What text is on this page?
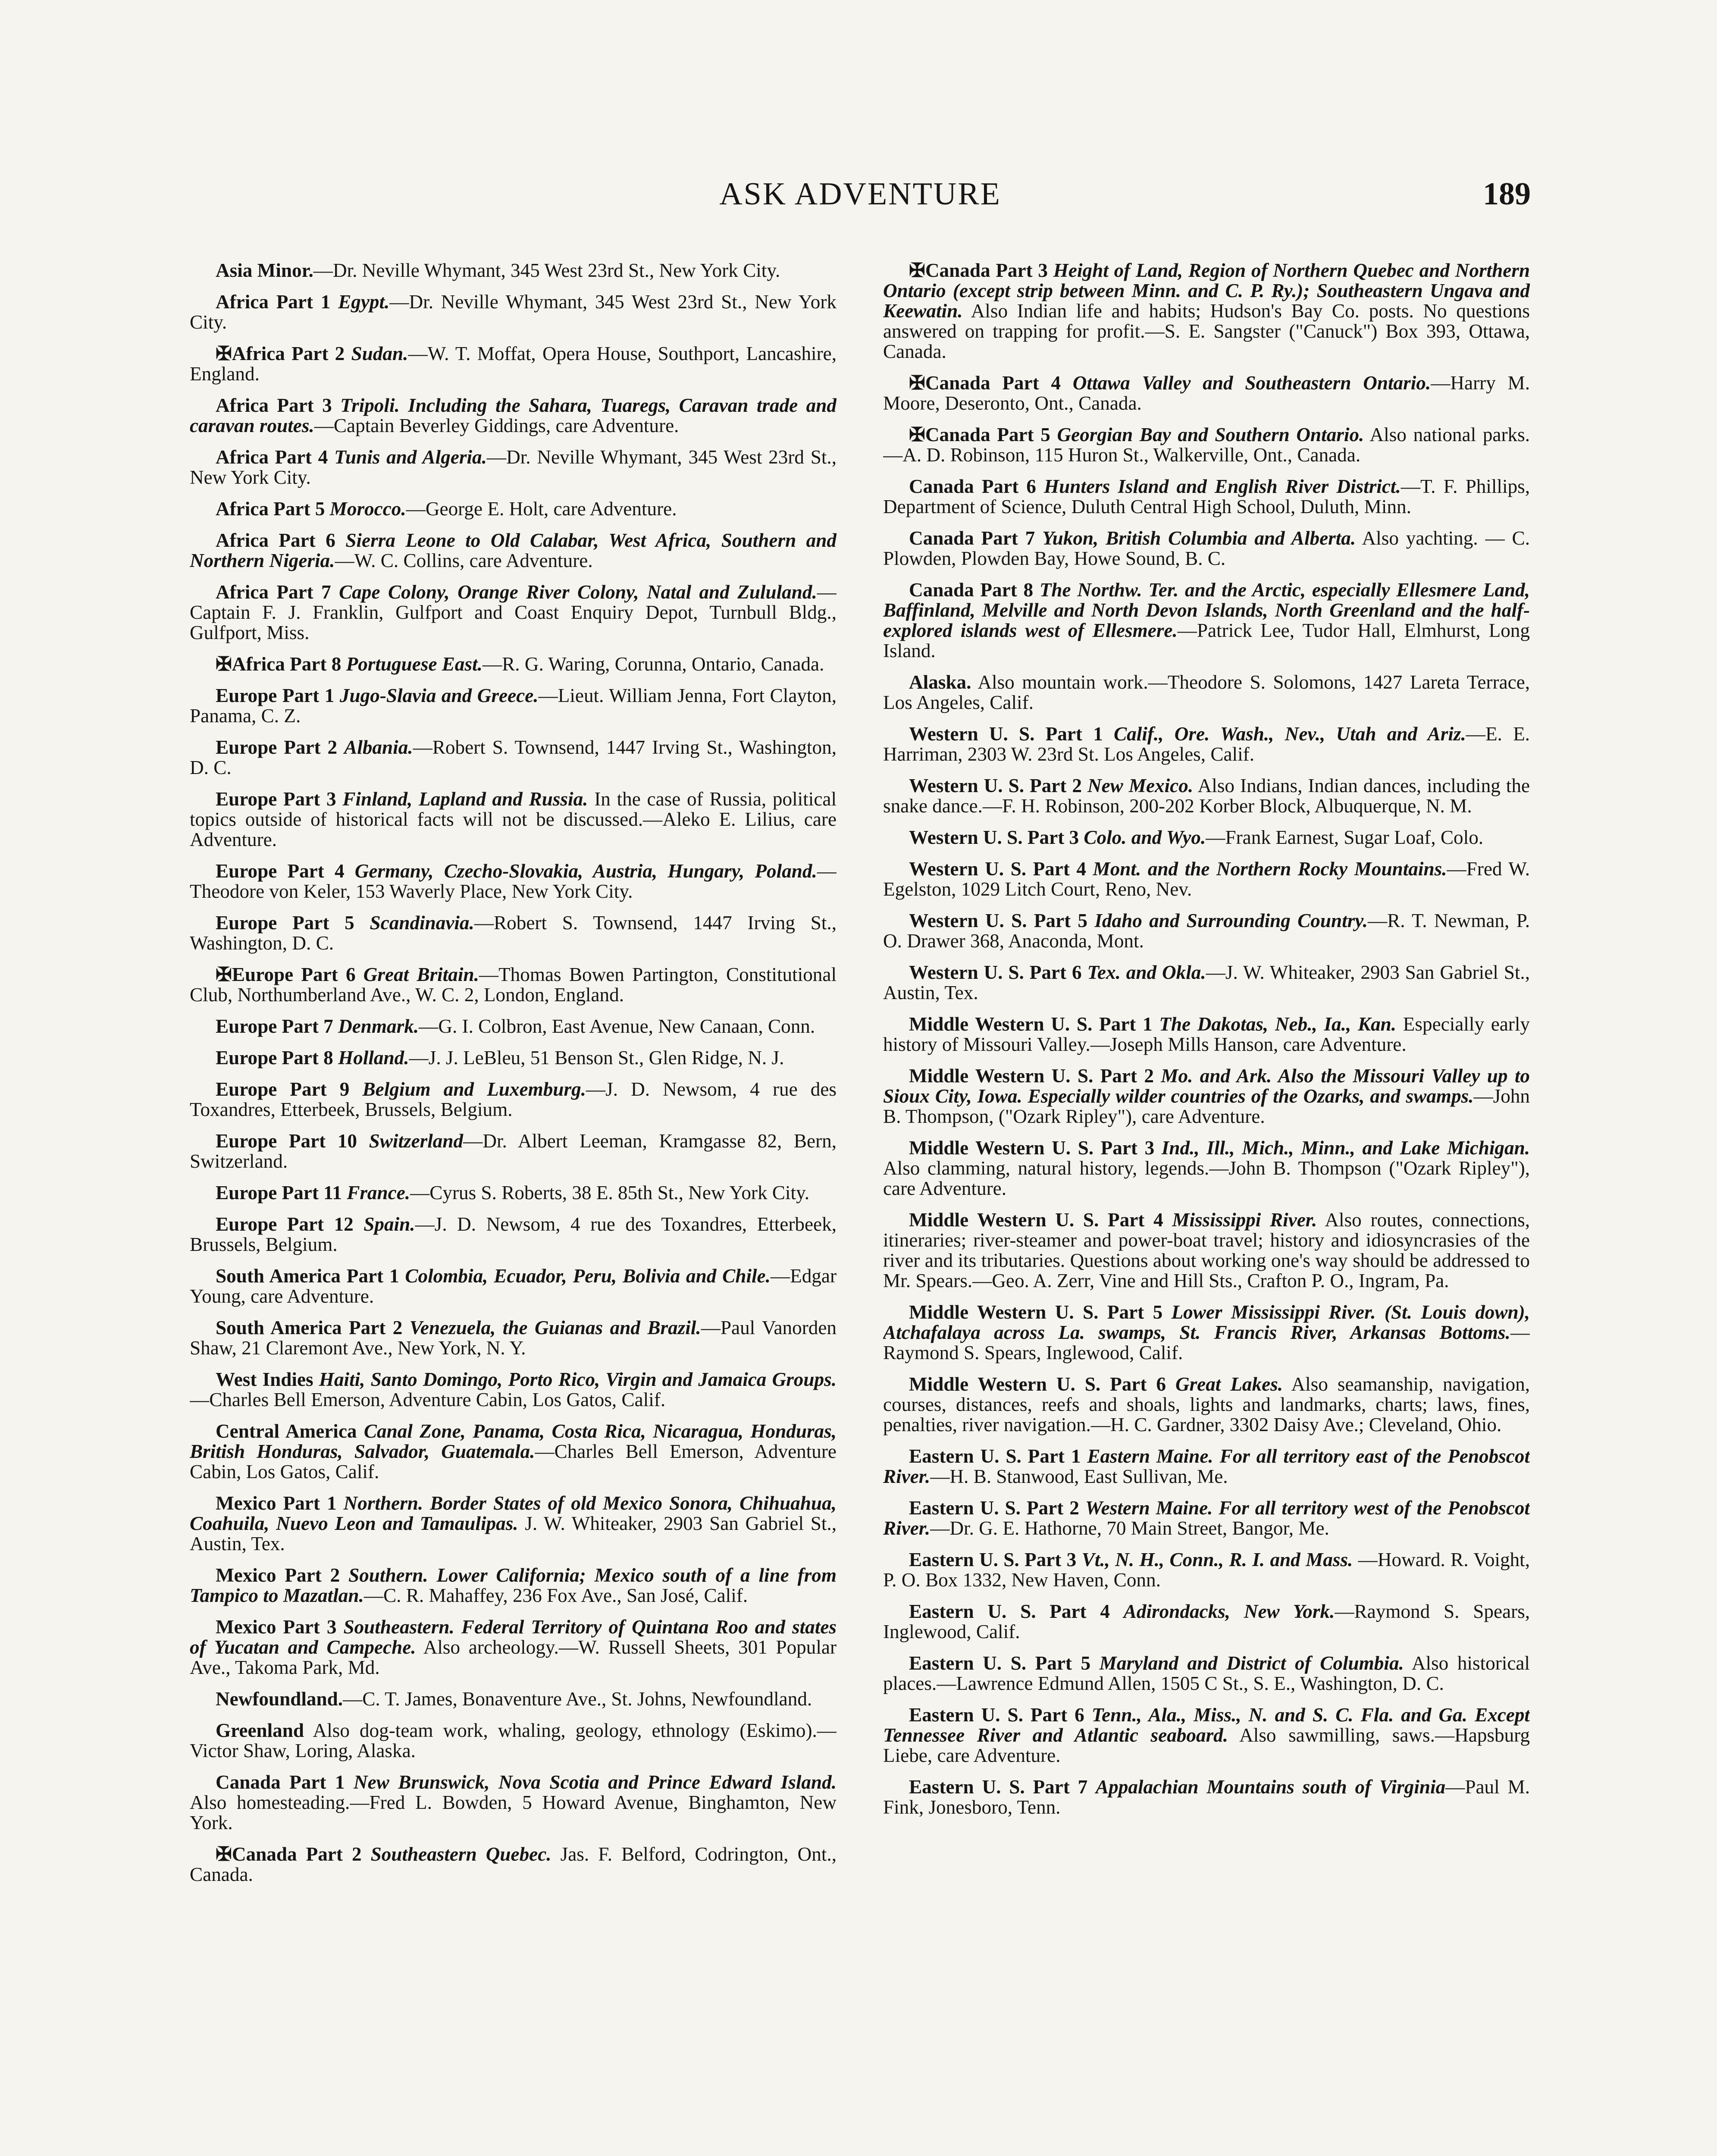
ASK ADVENTURE	189

Asia Minor.—Dr. Neville Whymant, 345 West 23rd St., New York City.

Africa Part 1 Egypt.—Dr. Neville Whymant, 345 West 23rd St., New York City.

✠Africa Part 2 Sudan.—W. T. Moffat, Opera House, Southport, Lancashire, England.

Africa Part 3 Tripoli. Including the Sahara, Tuaregs, Caravan trade and caravan routes.—Captain Beverley Giddings, care Adventure.

Africa Part 4 Tunis and Algeria.—Dr. Neville Whymant, 345 West 23rd St., New York City.

Africa Part 5 Morocco.—George E. Holt, care Adventure.

Africa Part 6 Sierra Leone to Old Calabar, West Africa, Southern and Northern Nigeria.—W. C. Collins, care Adventure.

Africa Part 7 Cape Colony, Orange River Colony, Natal and Zululand.—Captain F. J. Franklin, Gulfport and Coast Enquiry Depot, Turnbull Bldg., Gulfport, Miss.

✠Africa Part 8 Portuguese East.—R. G. Waring, Corunna, Ontario, Canada.

Europe Part 1 Jugo-Slavia and Greece.—Lieut. William Jenna, Fort Clayton, Panama, C. Z.

Europe Part 2 Albania.—Robert S. Townsend, 1447 Irving St., Washington, D. C.

Europe Part 3 Finland, Lapland and Russia. In the case of Russia, political topics outside of historical facts will not be discussed.—Aleko E. Lilius, care Adventure.

Europe Part 4 Germany, Czecho-Slovakia, Austria, Hungary, Poland.—Theodore von Keler, 153 Waverly Place, New York City.

Europe Part 5 Scandinavia.—Robert S. Townsend, 1447 Irving St., Washington, D. C.

✠Europe Part 6 Great Britain.—Thomas Bowen Partington, Constitutional Club, Northumberland Ave., W. C. 2, London, England.

Europe Part 7 Denmark.—G. I. Colbron, East Avenue, New Canaan, Conn.

Europe Part 8 Holland.—J. J. LeBleu, 51 Benson St., Glen Ridge, N. J.

Europe Part 9 Belgium and Luxemburg.—J. D. Newsom, 4 rue des Toxandres, Etterbeek, Brussels, Belgium.

Europe Part 10 Switzerland—Dr. Albert Leeman, Kramgasse 82, Bern, Switzerland.

Europe Part 11 France.—Cyrus S. Roberts, 38 E. 85th St., New York City.

Europe Part 12 Spain.—J. D. Newsom, 4 rue des Toxandres, Etterbeek, Brussels, Belgium.

South America Part 1 Colombia, Ecuador, Peru, Bolivia and Chile.—Edgar Young, care Adventure.

South America Part 2 Venezuela, the Guianas and Brazil.—Paul Vanorden Shaw, 21 Claremont Ave., New York, N. Y.

West Indies Haiti, Santo Domingo, Porto Rico, Virgin and Jamaica Groups.—Charles Bell Emerson, Adventure Cabin, Los Gatos, Calif.

Central America Canal Zone, Panama, Costa Rica, Nicaragua, Honduras, British Honduras, Salvador, Guatemala.—Charles Bell Emerson, Adventure Cabin, Los Gatos, Calif.

Mexico Part 1 Northern. Border States of old Mexico Sonora, Chihuahua, Coahuila, Nuevo Leon and Tamaulipas. J. W. Whiteaker, 2903 San Gabriel St., Austin, Tex.

Mexico Part 2 Southern. Lower California; Mexico south of a line from Tampico to Mazatlan.—C. R. Mahaffey, 236 Fox Ave., San José, Calif.

Mexico Part 3 Southeastern. Federal Territory of Quintana Roo and states of Yucatan and Campeche. Also archeology.—W. Russell Sheets, 301 Popular Ave., Takoma Park, Md.

Newfoundland.—C. T. James, Bonaventure Ave., St. Johns, Newfoundland.

Greenland Also dog-team work, whaling, geology, ethnology (Eskimo).—Victor Shaw, Loring, Alaska.

Canada Part 1 New Brunswick, Nova Scotia and Prince Edward Island. Also homesteading.—Fred L. Bowden, 5 Howard Avenue, Binghamton, New York.

✠Canada Part 2 Southeastern Quebec. Jas. F. Belford, Codrington, Ont., Canada.

✠Canada Part 3 Height of Land, Region of Northern Quebec and Northern Ontario (except strip between Minn. and C. P. Ry.); Southeastern Ungava and Keewatin. Also Indian life and habits; Hudson's Bay Co. posts. No questions answered on trapping for profit.—S. E. Sangster ("Canuck") Box 393, Ottawa, Canada.

✠Canada Part 4 Ottawa Valley and Southeastern Ontario.—Harry M. Moore, Deseronto, Ont., Canada.

✠Canada Part 5 Georgian Bay and Southern Ontario. Also national parks.—A. D. Robinson, 115 Huron St., Walkerville, Ont., Canada.

Canada Part 6 Hunters Island and English River District.—T. F. Phillips, Department of Science, Duluth Central High School, Duluth, Minn.

Canada Part 7 Yukon, British Columbia and Alberta. Also yachting. — C. Plowden, Plowden Bay, Howe Sound, B. C.

Canada Part 8 The Northw. Ter. and the Arctic, especially Ellesmere Land, Baffinland, Melville and North Devon Islands, North Greenland and the half-explored islands west of Ellesmere.—Patrick Lee, Tudor Hall, Elmhurst, Long Island.

Alaska. Also mountain work.—Theodore S. Solomons, 1427 Lareta Terrace, Los Angeles, Calif.

Western U. S. Part 1 Calif., Ore. Wash., Nev., Utah and Ariz.—E. E. Harriman, 2303 W. 23rd St. Los Angeles, Calif.

Western U. S. Part 2 New Mexico. Also Indians, Indian dances, including the snake dance.—F. H. Robinson, 200-202 Korber Block, Albuquerque, N. M.

Western U. S. Part 3 Colo. and Wyo.—Frank Earnest, Sugar Loaf, Colo.

Western U. S. Part 4 Mont. and the Northern Rocky Mountains.—Fred W. Egelston, 1029 Litch Court, Reno, Nev.

Western U. S. Part 5 Idaho and Surrounding Country.—R. T. Newman, P. O. Drawer 368, Anaconda, Mont.

Western U. S. Part 6 Tex. and Okla.—J. W. Whiteaker, 2903 San Gabriel St., Austin, Tex.

Middle Western U. S. Part 1 The Dakotas, Neb., Ia., Kan. Especially early history of Missouri Valley.—Joseph Mills Hanson, care Adventure.

Middle Western U. S. Part 2 Mo. and Ark. Also the Missouri Valley up to Sioux City, Iowa. Especially wilder countries of the Ozarks, and swamps.—John B. Thompson, ("Ozark Ripley"), care Adventure.

Middle Western U. S. Part 3 Ind., Ill., Mich., Minn., and Lake Michigan. Also clamming, natural history, legends.—John B. Thompson ("Ozark Ripley"), care Adventure.

Middle Western U. S. Part 4 Mississippi River. Also routes, connections, itineraries; river-steamer and power-boat travel; history and idiosyncrasies of the river and its tributaries. Questions about working one's way should be addressed to Mr. Spears.—Geo. A. Zerr, Vine and Hill Sts., Crafton P. O., Ingram, Pa.

Middle Western U. S. Part 5 Lower Mississippi River. (St. Louis down), Atchafalaya across La. swamps, St. Francis River, Arkansas Bottoms.—Raymond S. Spears, Inglewood, Calif.

Middle Western U. S. Part 6 Great Lakes. Also seamanship, navigation, courses, distances, reefs and shoals, lights and landmarks, charts; laws, fines, penalties, river navigation.—H. C. Gardner, 3302 Daisy Ave.; Cleveland, Ohio.

Eastern U. S. Part 1 Eastern Maine. For all territory east of the Penobscot River.—H. B. Stanwood, East Sullivan, Me.

Eastern U. S. Part 2 Western Maine. For all territory west of the Penobscot River.—Dr. G. E. Hathorne, 70 Main Street, Bangor, Me.

Eastern U. S. Part 3 Vt., N. H., Conn., R. I. and Mass. —Howard. R. Voight, P. O. Box 1332, New Haven, Conn.

Eastern U. S. Part 4 Adirondacks, New York.—Raymond S. Spears, Inglewood, Calif.

Eastern U. S. Part 5 Maryland and District of Columbia. Also historical places.—Lawrence Edmund Allen, 1505 C St., S. E., Washington, D. C.

Eastern U. S. Part 6 Tenn., Ala., Miss., N. and S. C. Fla. and Ga. Except Tennessee River and Atlantic seaboard. Also sawmilling, saws.—Hapsburg Liebe, care Adventure.

Eastern U. S. Part 7 Appalachian Mountains south of Virginia—Paul M. Fink, Jonesboro, Tenn.
